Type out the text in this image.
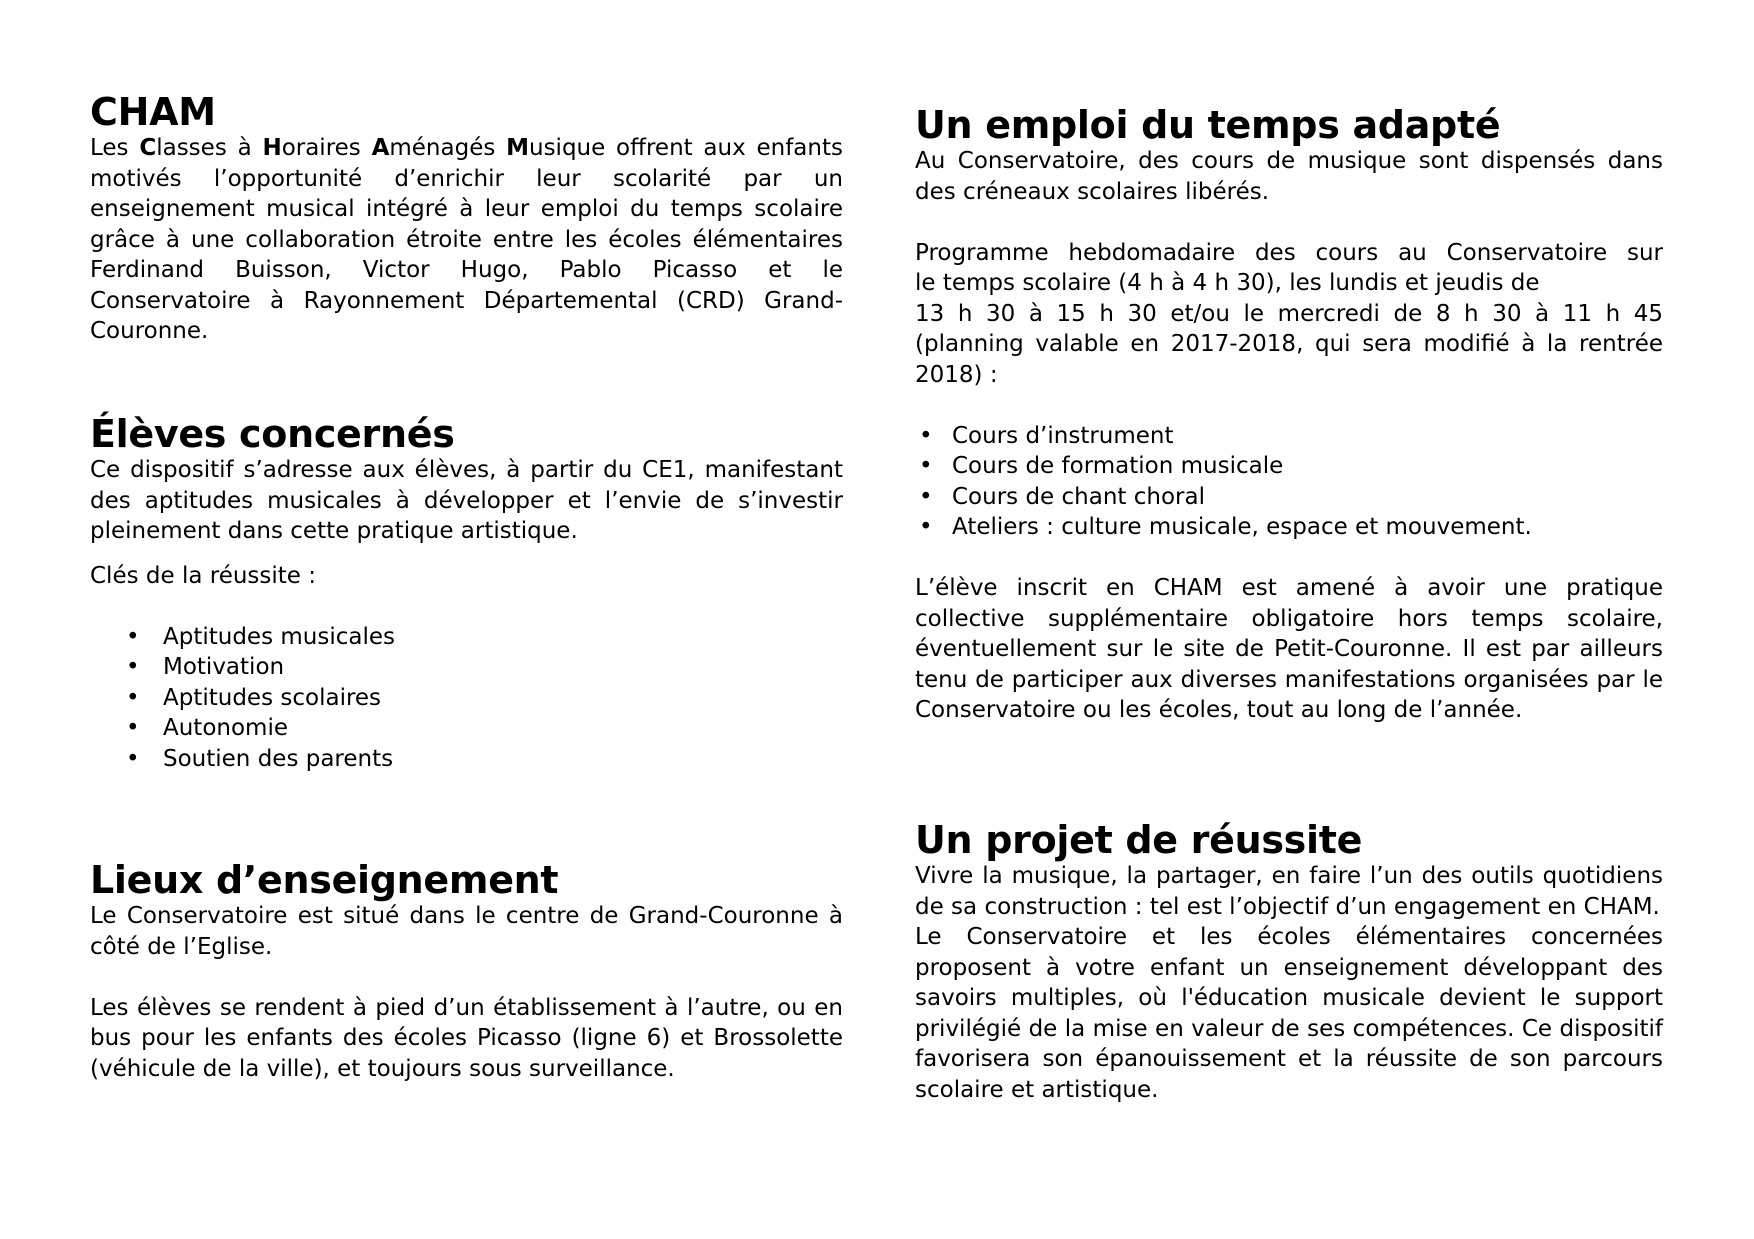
CHAM

Les Classes à Horaires Aménagés Musique offrent aux enfants motivés l’opportunité d’enrichir leur scolarité par un enseignement musical intégré à leur emploi du temps scolaire grâce à une collaboration étroite entre les écoles élémentaires Ferdinand Buisson, Victor Hugo, Pablo Picasso et le Conservatoire à Rayonnement Départemental (CRD) Grand-Couronne.

Élèves concernés

Ce dispositif s’adresse aux élèves, à partir du CE1, manifestant des aptitudes musicales à développer et l’envie de s’investir pleinement dans cette pratique artistique.

Clés de la réussite :

• Aptitudes musicales
• Motivation
• Aptitudes scolaires
• Autonomie
• Soutien des parents
Lieux d’enseignement

Le Conservatoire est situé dans le centre de Grand-Couronne à côté de l’Eglise.

Les élèves se rendent à pied d’un établissement à l’autre, ou en bus pour les enfants des écoles Picasso (ligne 6) et Brossolette (véhicule de la ville), et toujours sous surveillance.

Un emploi du temps adapté

Au Conservatoire, des cours de musique sont dispensés dans des créneaux scolaires libérés.

Programme hebdomadaire des cours au Conservatoire sur

le temps scolaire (4 h à 4 h 30), les lundis et jeudis de

13 h 30 à 15 h 30 et/ou le mercredi de 8 h 30 à 11 h 45 (planning valable en 2017-2018, qui sera modifié à la rentrée 2018) :

• Cours d’instrument
• Cours de formation musicale
• Cours de chant choral
• Ateliers : culture musicale, espace et mouvement.

L’élève inscrit en CHAM est amené à avoir une pratique collective supplémentaire obligatoire hors temps scolaire, éventuellement sur le site de Petit-Couronne. Il est par ailleurs tenu de participer aux diverses manifestations organisées par le Conservatoire ou les écoles, tout au long de l’année.

Un projet de réussite

Vivre la musique, la partager, en faire l’un des outils quotidiens de sa construction : tel est l’objectif d’un engagement en CHAM.

Le Conservatoire et les écoles élémentaires concernées proposent à votre enfant un enseignement développant des savoirs multiples, où l'éducation musicale devient le support privilégié de la mise en valeur de ses compétences. Ce dispositif favorisera son épanouissement et la réussite de son parcours scolaire et artistique.
